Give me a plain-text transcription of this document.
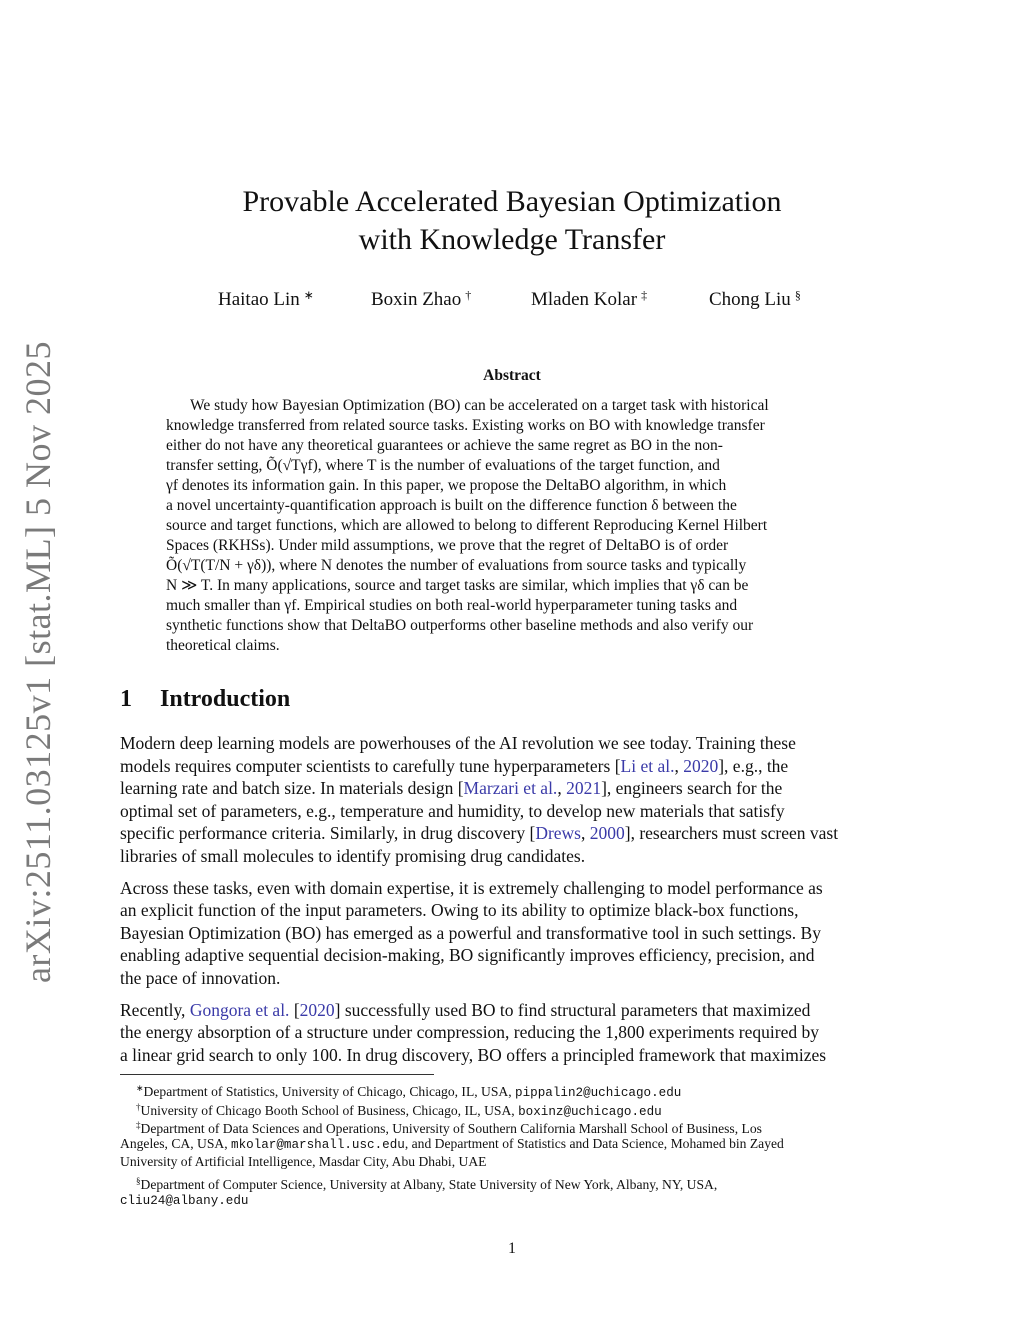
arXiv:2511.03125v1 [stat.ML] 5 Nov 2025
Provable Accelerated Bayesian Optimization
with Knowledge Transfer
Haitao Lin ∗	Boxin Zhao †	Mladen Kolar ‡	Chong Liu §
Abstract
We study how Bayesian Optimization (BO) can be accelerated on a target task with historical
knowledge transferred from related source tasks. Existing works on BO with knowledge transfer
either do not have any theoretical guarantees or achieve the same regret as BO in the non-
transfer setting, Õ(√Tγf), where T is the number of evaluations of the target function, and
γf denotes its information gain. In this paper, we propose the DeltaBO algorithm, in which
a novel uncertainty-quantification approach is built on the difference function δ between the
source and target functions, which are allowed to belong to different Reproducing Kernel Hilbert
Spaces (RKHSs). Under mild assumptions, we prove that the regret of DeltaBO is of order
Õ(√T(T/N + γδ)), where N denotes the number of evaluations from source tasks and typically
N ≫ T. In many applications, source and target tasks are similar, which implies that γδ can be
much smaller than γf. Empirical studies on both real-world hyperparameter tuning tasks and
synthetic functions show that DeltaBO outperforms other baseline methods and also verify our
theoretical claims.
1 Introduction
Modern deep learning models are powerhouses of the AI revolution we see today. Training these
models requires computer scientists to carefully tune hyperparameters [Li et al., 2020], e.g., the
learning rate and batch size. In materials design [Marzari et al., 2021], engineers search for the
optimal set of parameters, e.g., temperature and humidity, to develop new materials that satisfy
specific performance criteria. Similarly, in drug discovery [Drews, 2000], researchers must screen vast
libraries of small molecules to identify promising drug candidates.
Across these tasks, even with domain expertise, it is extremely challenging to model performance as
an explicit function of the input parameters. Owing to its ability to optimize black-box functions,
Bayesian Optimization (BO) has emerged as a powerful and transformative tool in such settings. By
enabling adaptive sequential decision-making, BO significantly improves efficiency, precision, and
the pace of innovation.
Recently, Gongora et al. [2020] successfully used BO to find structural parameters that maximized
the energy absorption of a structure under compression, reducing the 1,800 experiments required by
a linear grid search to only 100. In drug discovery, BO offers a principled framework that maximizes
∗Department of Statistics, University of Chicago, Chicago, IL, USA, pippalin2@uchicago.edu
†University of Chicago Booth School of Business, Chicago, IL, USA, boxinz@uchicago.edu
‡Department of Data Sciences and Operations, University of Southern California Marshall School of Business, Los
Angeles, CA, USA, mkolar@marshall.usc.edu, and Department of Statistics and Data Science, Mohamed bin Zayed
University of Artificial Intelligence, Masdar City, Abu Dhabi, UAE
§Department of Computer Science, University at Albany, State University of New York, Albany, NY, USA,
cliu24@albany.edu
1
